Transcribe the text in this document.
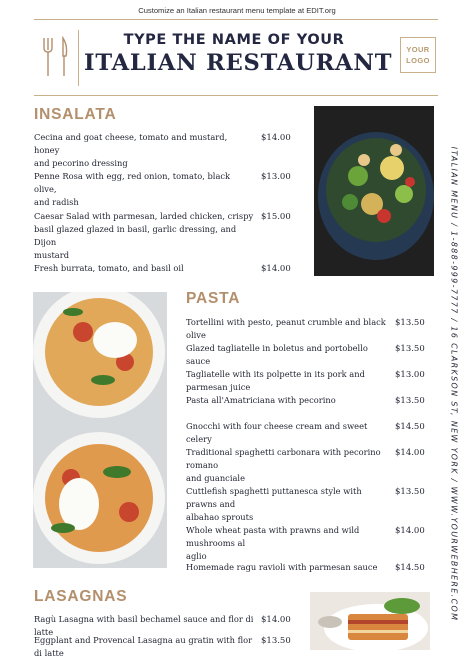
Customize an Italian restaurant menu template at EDIT.org
TYPE THE NAME OF YOUR
ITALIAN RESTAURANT
YOUR
LOGO
INSALATA
Cecina and goat cheese, tomato and mustard, honey
and pecorino dressing
$14.00
Penne Rosa with egg, red onion, tomato, black olive,
and radish
$13.00
Caesar Salad with parmesan, larded chicken, crispy
basil glazed glazed in basil, garlic dressing, and Dijon
mustard
$15.00
Fresh burrata, tomato, and basil oil	$14.00
PASTA
Tortellini with pesto, peanut crumble and black olive
$13.50
Glazed tagliatelle in boletus and portobello sauce
$13.50
Tagliatelle with its polpette in its pork and parmesan juice
$13.00
Pasta all'Amatriciana with pecorino	$13.50
Gnocchi with four cheese cream and sweet celery
$14.50
Traditional spaghetti carbonara with pecorino romano
and guanciale
$14.00
Cuttlefish spaghetti puttanesca style with prawns and
albahao sprouts
$13.50
Whole wheat pasta with prawns and wild mushrooms al
aglio
$14.00
Homemade ragu ravioli with parmesan sauce	$14.50
LASAGNAS
Ragù Lasagna with basil bechamel sauce and flor di latte
$14.00
Eggplant and Provencal Lasagna au gratin with flor di latte
$13.50
ITALIAN MENU / 1-888-999-7777 / 16 CLARKSON ST, NEW YORK / WWW.YOURWEBHERE.COM
